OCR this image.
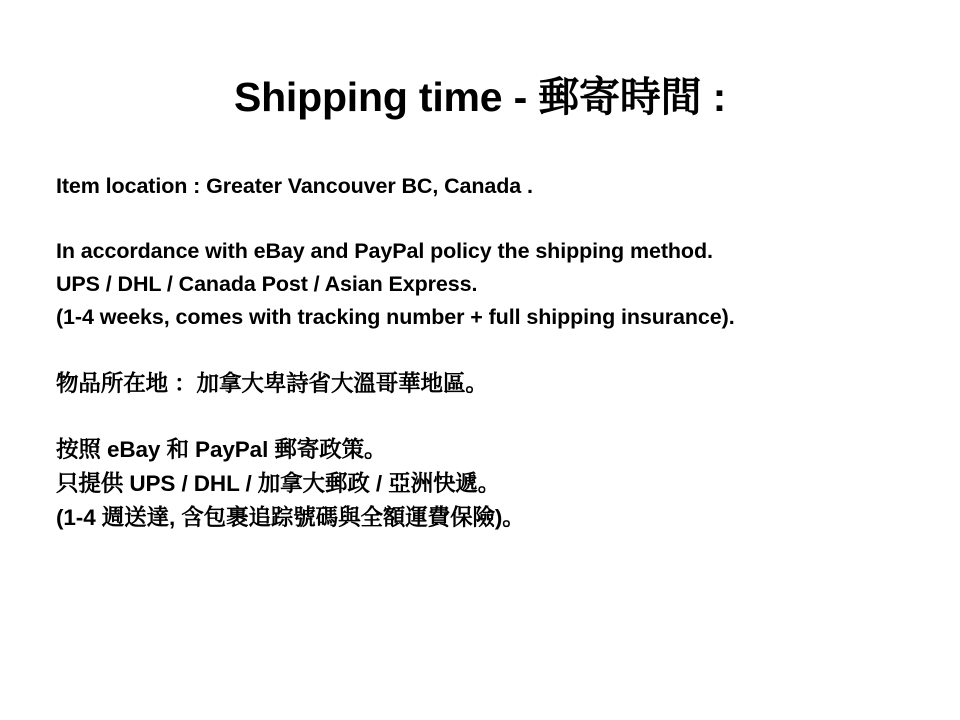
Shipping time - 郵寄時間 :
Item location : Greater Vancouver BC, Canada .
In accordance with eBay and PayPal policy the shipping method.
UPS / DHL / Canada Post / Asian Express.
(1-4 weeks, comes with tracking number + full shipping insurance).
物品所在地 ：加拿大卑詩省大溫哥華地區。
按照 eBay 和 PayPal 郵寄政策。
只提供 UPS / DHL / 加拿大郵政 / 亞洲快遞。
(1-4 週送達, 含包裹追踪號碼與全額運費保險)。
